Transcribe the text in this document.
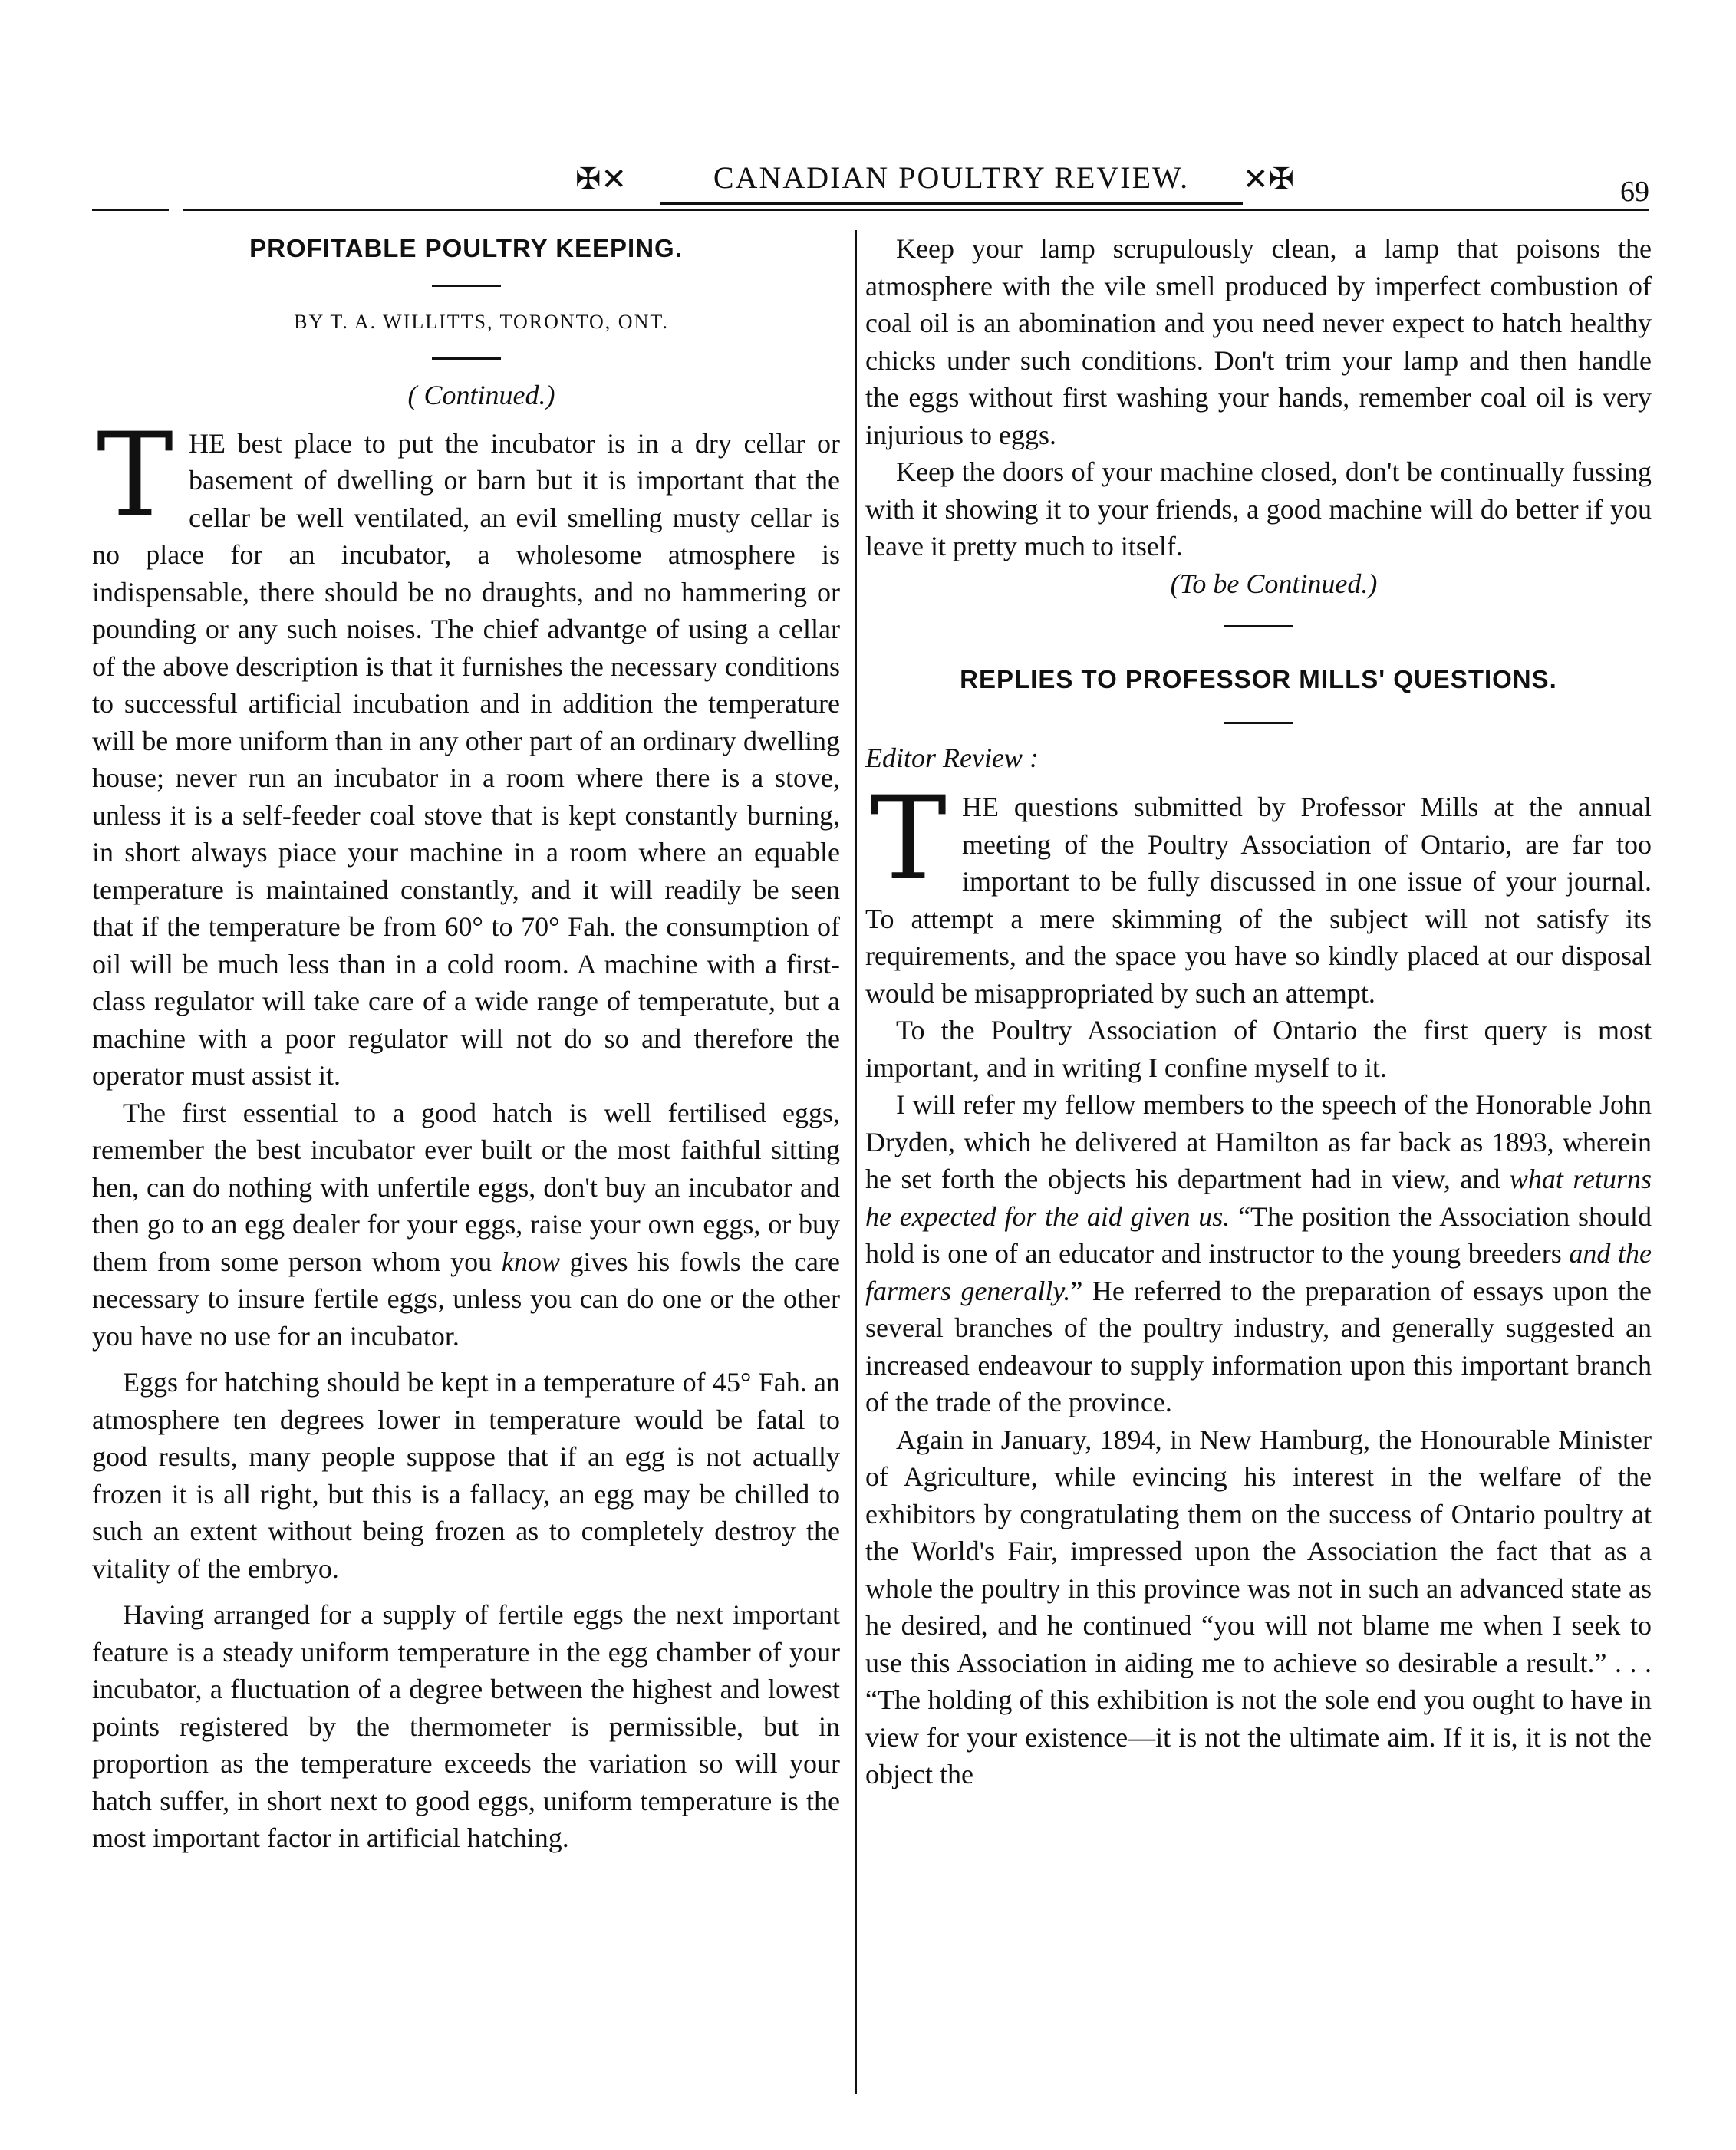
✠✕	CANADIAN POULTRY REVIEW.	✕✠	69
PROFITABLE POULTRY KEEPING.

BY T. A. WILLITTS, TORONTO, ONT.

( Continued.)

T HE best place to put the incubator is in a dry cellar or basement of dwelling or barn but it is important that the cellar be well ventilated, an evil smelling musty cellar is no place for an incubator, a wholesome atmosphere is indispensable, there should be no draughts, and no hammering or pounding or any such noises. The chief advantge of using a cellar of the above description is that it furnishes the necessary conditions to successful artificial incubation and in addition the temperature will be more uniform than in any other part of an ordinary dwelling house; never run an incubator in a room where there is a stove, unless it is a self-feeder coal stove that is kept constantly burning, in short always piace your machine in a room where an equable temperature is maintained constantly, and it will readily be seen that if the temperature be from 60° to 70° Fah. the consumption of oil will be much less than in a cold room. A machine with a first-class regulator will take care of a wide range of temperatute, but a machine with a poor regulator will not do so and therefore the operator must assist it.

The first essential to a good hatch is well fertilised eggs, remember the best incubator ever built or the most faithful sitting hen, can do nothing with unfertile eggs, don't buy an incubator and then go to an egg dealer for your eggs, raise your own eggs, or buy them from some person whom you know gives his fowls the care necessary to insure fertile eggs, unless you can do one or the other you have no use for an incubator.

Eggs for hatching should be kept in a temperature of 45° Fah. an atmosphere ten degrees lower in temperature would be fatal to good results, many people suppose that if an egg is not actually frozen it is all right, but this is a fallacy, an egg may be chilled to such an extent without being frozen as to completely destroy the vitality of the embryo.

Having arranged for a supply of fertile eggs the next important feature is a steady uniform temperature in the egg chamber of your incubator, a fluctuation of a degree between the highest and lowest points registered by the thermometer is permissible, but in proportion as the temperature exceeds the variation so will your hatch suffer, in short next to good eggs, uniform temperature is the most important factor in artificial hatching.

Keep your lamp scrupulously clean, a lamp that poisons the atmosphere with the vile smell produced by imperfect combustion of coal oil is an abomination and you need never expect to hatch healthy chicks under such conditions. Don't trim your lamp and then handle the eggs without first washing your hands, remember coal oil is very injurious to eggs.

Keep the doors of your machine closed, don't be continually fussing with it showing it to your friends, a good machine will do better if you leave it pretty much to itself.

(To be Continued.)

REPLIES TO PROFESSOR MILLS' QUESTIONS.

Editor Review :

T HE questions submitted by Professor Mills at the annual meeting of the Poultry Association of Ontario, are far too important to be fully discussed in one issue of your journal. To attempt a mere skimming of the subject will not satisfy its requirements, and the space you have so kindly placed at our disposal would be misappropriated by such an attempt.

To the Poultry Association of Ontario the first query is most important, and in writing I confine myself to it.

I will refer my fellow members to the speech of the Honorable John Dryden, which he delivered at Hamilton as far back as 1893, wherein he set forth the objects his department had in view, and what returns he expected for the aid given us. “The position the Association should hold is one of an educator and instructor to the young breeders and the farmers generally.” He referred to the preparation of essays upon the several branches of the poultry industry, and generally suggested an increased endeavour to supply information upon this important branch of the trade of the province.

Again in January, 1894, in New Hamburg, the Honourable Minister of Agriculture, while evincing his interest in the welfare of the exhibitors by congratulating them on the success of Ontario poultry at the World's Fair, impressed upon the Association the fact that as a whole the poultry in this province was not in such an advanced state as he desired, and he continued “you will not blame me when I seek to use this Association in aiding me to achieve so desirable a result.” . . . “The holding of this exhibition is not the sole end you ought to have in view for your existence—it is not the ultimate aim. If it is, it is not the object the
